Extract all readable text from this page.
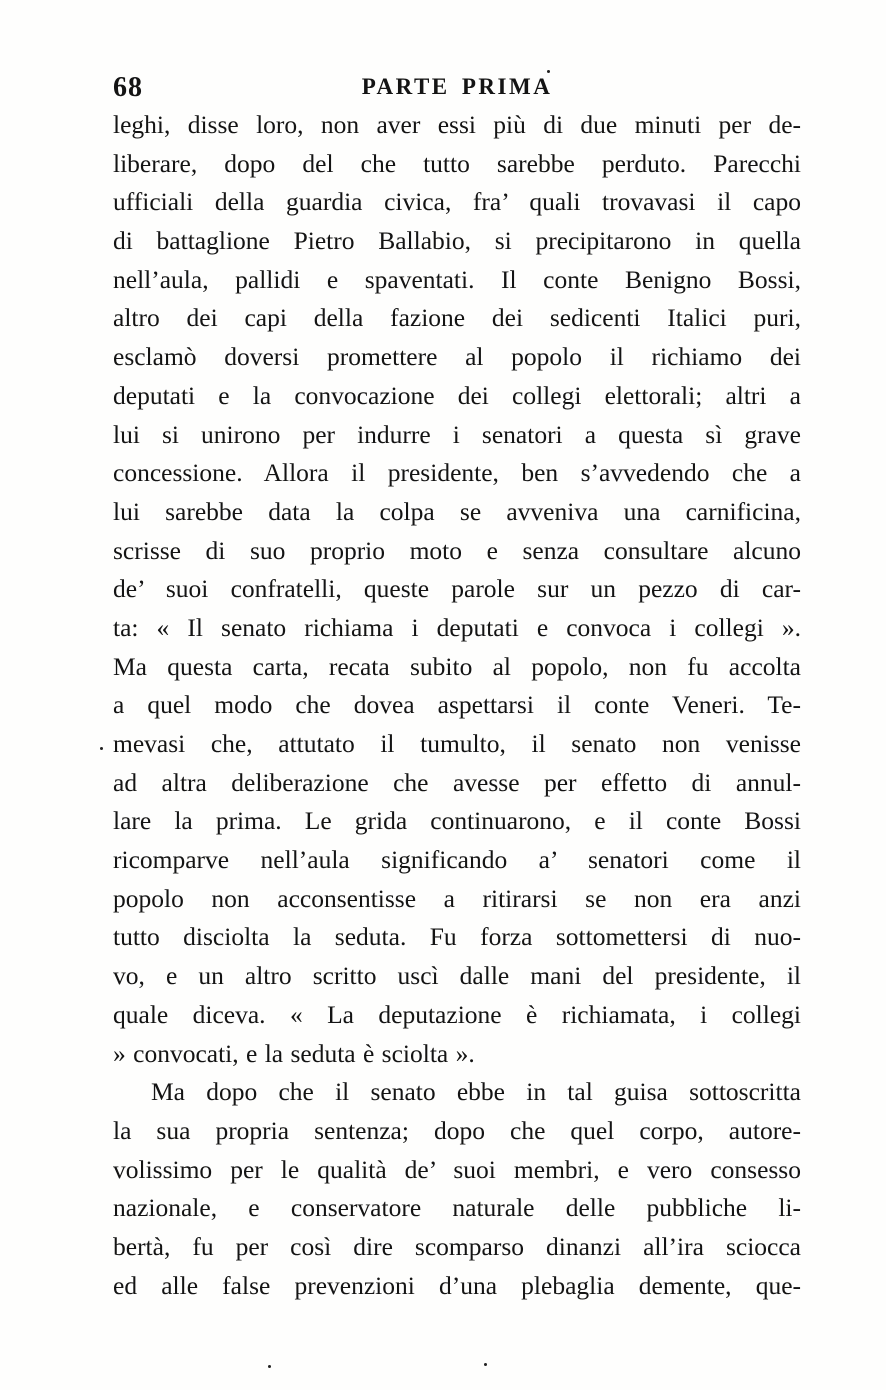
68	PARTE PRIMA
leghi, disse loro, non aver essi più di due minuti per de-
liberare, dopo del che tutto sarebbe perduto. Parecchi
ufficiali della guardia civica, fra’ quali trovavasi il capo
di battaglione Pietro Ballabio, si precipitarono in quella
nell’aula, pallidi e spaventati. Il conte Benigno Bossi,
altro dei capi della fazione dei sedicenti Italici puri,
esclamò doversi promettere al popolo il richiamo dei
deputati e la convocazione dei collegi elettorali; altri a
lui si unirono per indurre i senatori a questa sì grave
concessione. Allora il presidente, ben s’avvedendo che a
lui sarebbe data la colpa se avveniva una carnificina,
scrisse di suo proprio moto e senza consultare alcuno
de’ suoi confratelli, queste parole sur un pezzo di car-
ta: « Il senato richiama i deputati e convoca i collegi ».
Ma questa carta, recata subito al popolo, non fu accolta
a quel modo che dovea aspettarsi il conte Veneri. Te-
mevasi che, attutato il tumulto, il senato non venisse
ad altra deliberazione che avesse per effetto di annul-
lare la prima. Le grida continuarono, e il conte Bossi
ricomparve nell’aula significando a’ senatori come il
popolo non acconsentisse a ritirarsi se non era anzi
tutto disciolta la seduta. Fu forza sottomettersi di nuo-
vo, e un altro scritto uscì dalle mani del presidente, il
quale diceva. « La deputazione è richiamata, i collegi
» convocati, e la seduta è sciolta ».
Ma dopo che il senato ebbe in tal guisa sottoscritta
la sua propria sentenza; dopo che quel corpo, autore-
volissimo per le qualità de’ suoi membri, e vero consesso
nazionale, e conservatore naturale delle pubbliche li-
bertà, fu per così dire scomparso dinanzi all’ira sciocca
ed alle false prevenzioni d’una plebaglia demente, que-
